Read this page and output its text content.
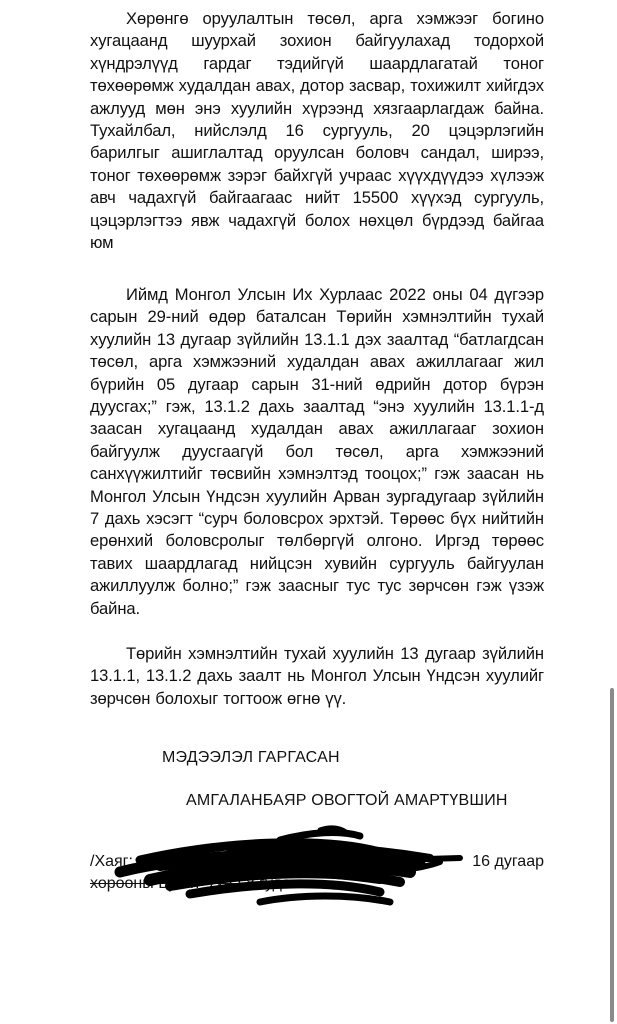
Хөрөнгө оруулалтын төсөл, арга хэмжээг богино хугацаанд шуурхай зохион байгуулахад тодорхой хүндрэлүүд гардаг тэдийгүй шаардлагатай тоног төхөөрөмж худалдан авах, дотор засвар, тохижилт хийгдэх ажлууд мөн энэ хуулийн хүрээнд хязгаарлагдаж байна. Тухайлбал, нийслэлд 16 сургууль, 20 цэцэрлэгийн барилгыг ашиглалтад оруулсан боловч сандал, ширээ, тоног төхөөрөмж зэрэг байхгүй учраас хүүхдүүдээ хүлээж авч чадахгүй байгаагаас нийт 15500 хүүхэд сургууль, цэцэрлэгтээ явж чадахгүй болох нөхцөл бүрдээд байгаа юм

Иймд Монгол Улсын Их Хурлаас 2022 оны 04 дүгээр сарын 29-ний өдөр баталсан Төрийн хэмнэлтийн тухай хуулийн 13 дугаар зүйлийн 13.1.1 дэх заалтад “батлагдсан төсөл, арга хэмжээний худалдан авах ажиллагааг жил бүрийн 05 дугаар сарын 31-ний өдрийн дотор бүрэн дуусгах;” гэж, 13.1.2 дахь заалтад “энэ хуулийн 13.1.1-д заасан хугацаанд худалдан авах ажиллагааг зохион байгуулж дуусгаагүй бол төсөл, арга хэмжээний санхүүжилтийг төсвийн хэмнэлтэд тооцох;” гэж заасан нь Монгол Улсын Үндсэн хуулийн Арван зургадугаар зүйлийн 7 дахь хэсэгт “сурч боловсрох эрхтэй. Төрөөс бүх нийтийн ерөнхий боловсролыг төлбөргүй олгоно. Иргэд төрөөс тавих шаардлагад нийцсэн хувийн сургууль байгуулан ажиллуулж болно;” гэж заасныг тус тус зөрчсөн гэж үзэж байна.

Төрийн хэмнэлтийн тухай хуулийн 13 дугаар зүйлийн 13.1.1, 13.1.2 дахь заалт нь Монгол Улсын Үндсэн хуулийг зөрчсөн болохыг тогтоож өгнө үү.

МЭДЭЭЛЭЛ ГАРГАСАН

АМГАЛАНБАЯР ОВОГТОЙ АМАРТҮВШИН

/Хаяг:	16 дугаар

хорооны Буянт-Ухаа 8 гудамж
